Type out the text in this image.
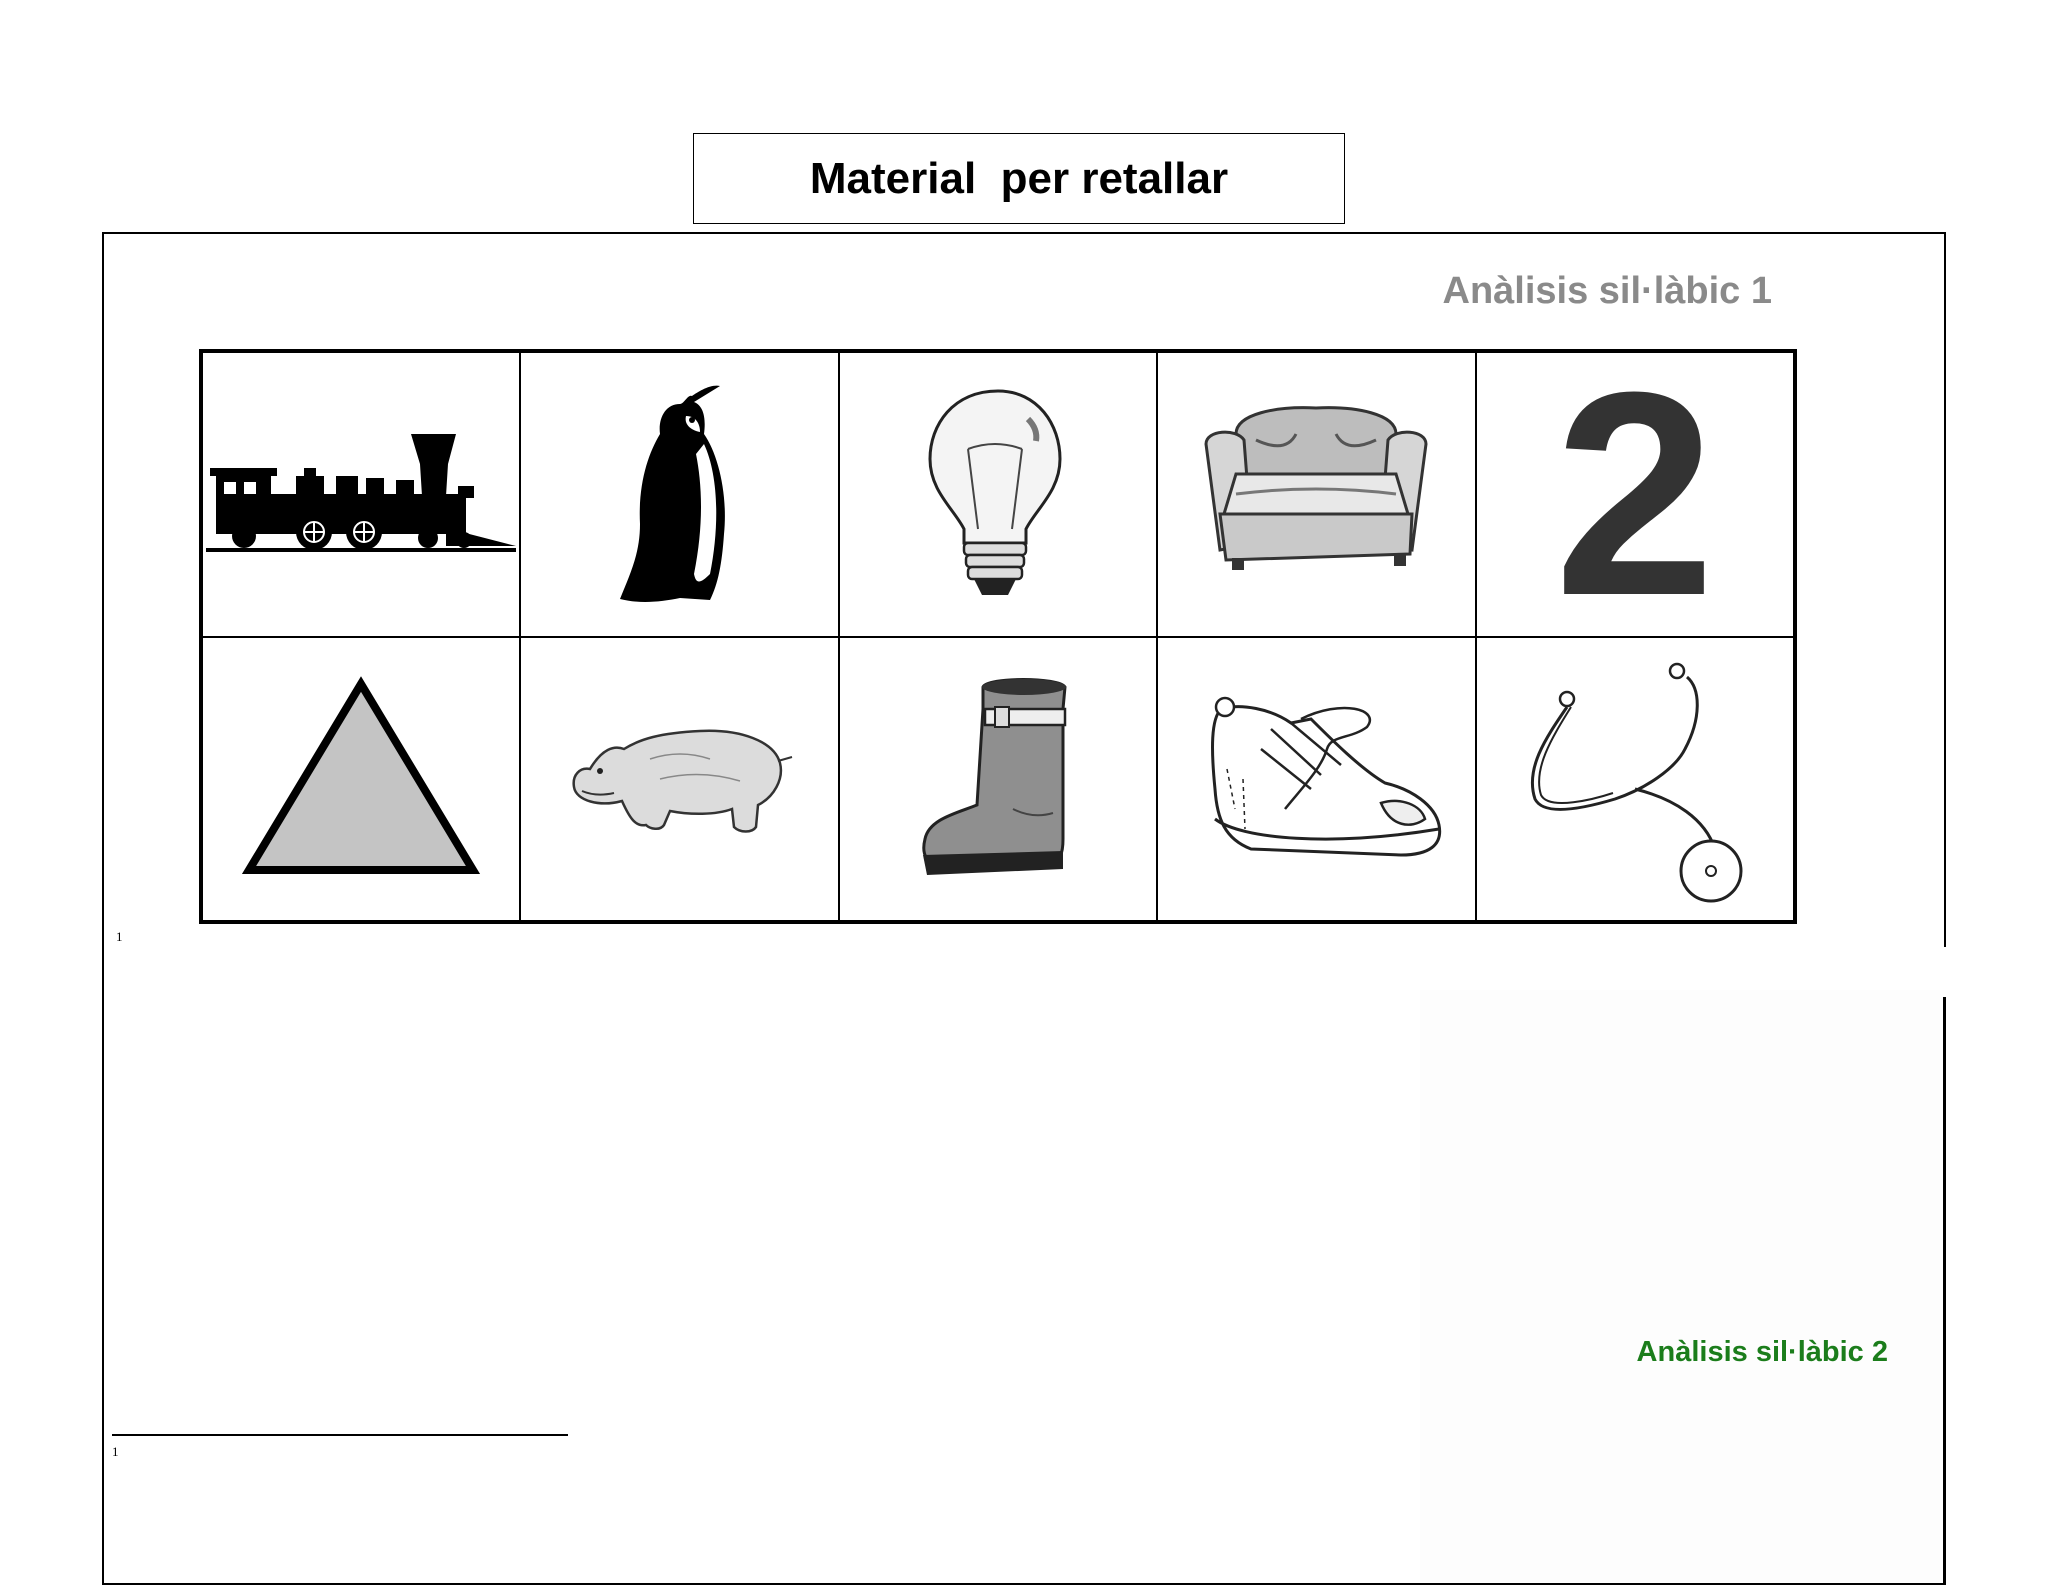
Material  per retallar
Anàlisis sil·làbic 1
2
1
Anàlisis sil·làbic 2
1
